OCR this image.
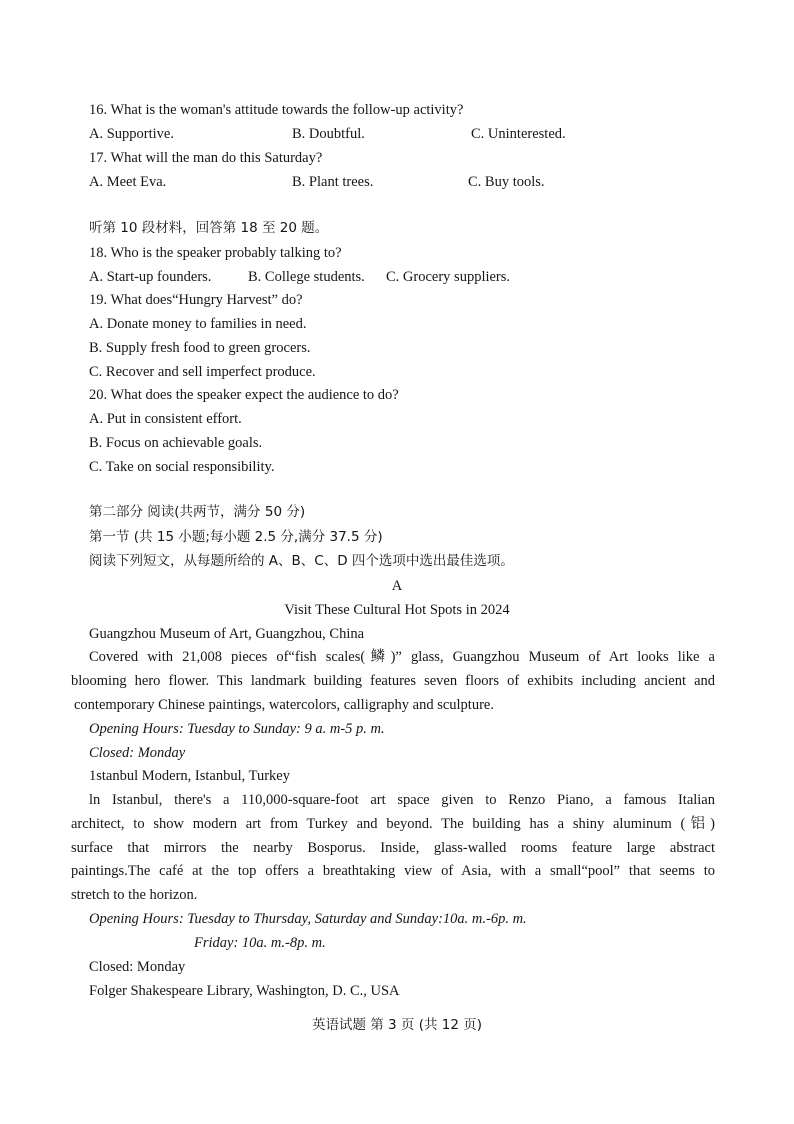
16. What is the woman's attitude towards the follow-up activity?
A. Supportive.	B. Doubtful.	C. Uninterested.
17. What will the man do this Saturday?
A. Meet Eva.	B. Plant trees.	C. Buy tools.
听第 10 段材料，回答第 18 至 20 题。
18. Who is the speaker probably talking to?
A. Start-up founders.	B. College students. C. Grocery suppliers.
19. What does“Hungry Harvest” do?
A. Donate money to families in need.
B. Supply fresh food to green grocers.
C. Recover and sell imperfect produce.
20. What does the speaker expect the audience to do?
A. Put in consistent effort.
B. Focus on achievable goals.
C. Take on social responsibility.
第二部分 阅读(共两节，满分 50 分)
第一节 (共 15 小题;每小题 2.5 分,满分 37.5 分)
阅读下列短文，从每题所给的 A、B、C、D 四个选项中选出最佳选项。
A
Visit These Cultural Hot Spots in 2024
Guangzhou Museum of Art, Guangzhou, China
Covered with 21,008 pieces of“fish scales(鳞)” glass, Guangzhou Museum of Art looks like a
blooming hero flower. This landmark building features seven floors of exhibits including ancient and
contemporary Chinese paintings, watercolors, calligraphy and sculpture.
Opening Hours: Tuesday to Sunday: 9 a. m-5 p. m.
Closed: Monday
1stanbul Modern, Istanbul, Turkey
ln Istanbul, there's a 110,000-square-foot art space given to Renzo Piano, a famous Italian
architect, to show modern art from Turkey and beyond. The building has a shiny aluminum (铝)
surface that mirrors the nearby Bosporus. Inside, glass-walled rooms feature large abstract
paintings.The café at the top offers a breathtaking view of Asia, with a small“pool” that seems to
stretch to the horizon.
Opening Hours: Tuesday to Thursday, Saturday and Sunday:10a. m.-6p. m.
Friday: 10a. m.-8p. m.
Closed: Monday
Folger Shakespeare Library, Washington, D. C., USA
英语试题 第 3 页 (共 12 页)
